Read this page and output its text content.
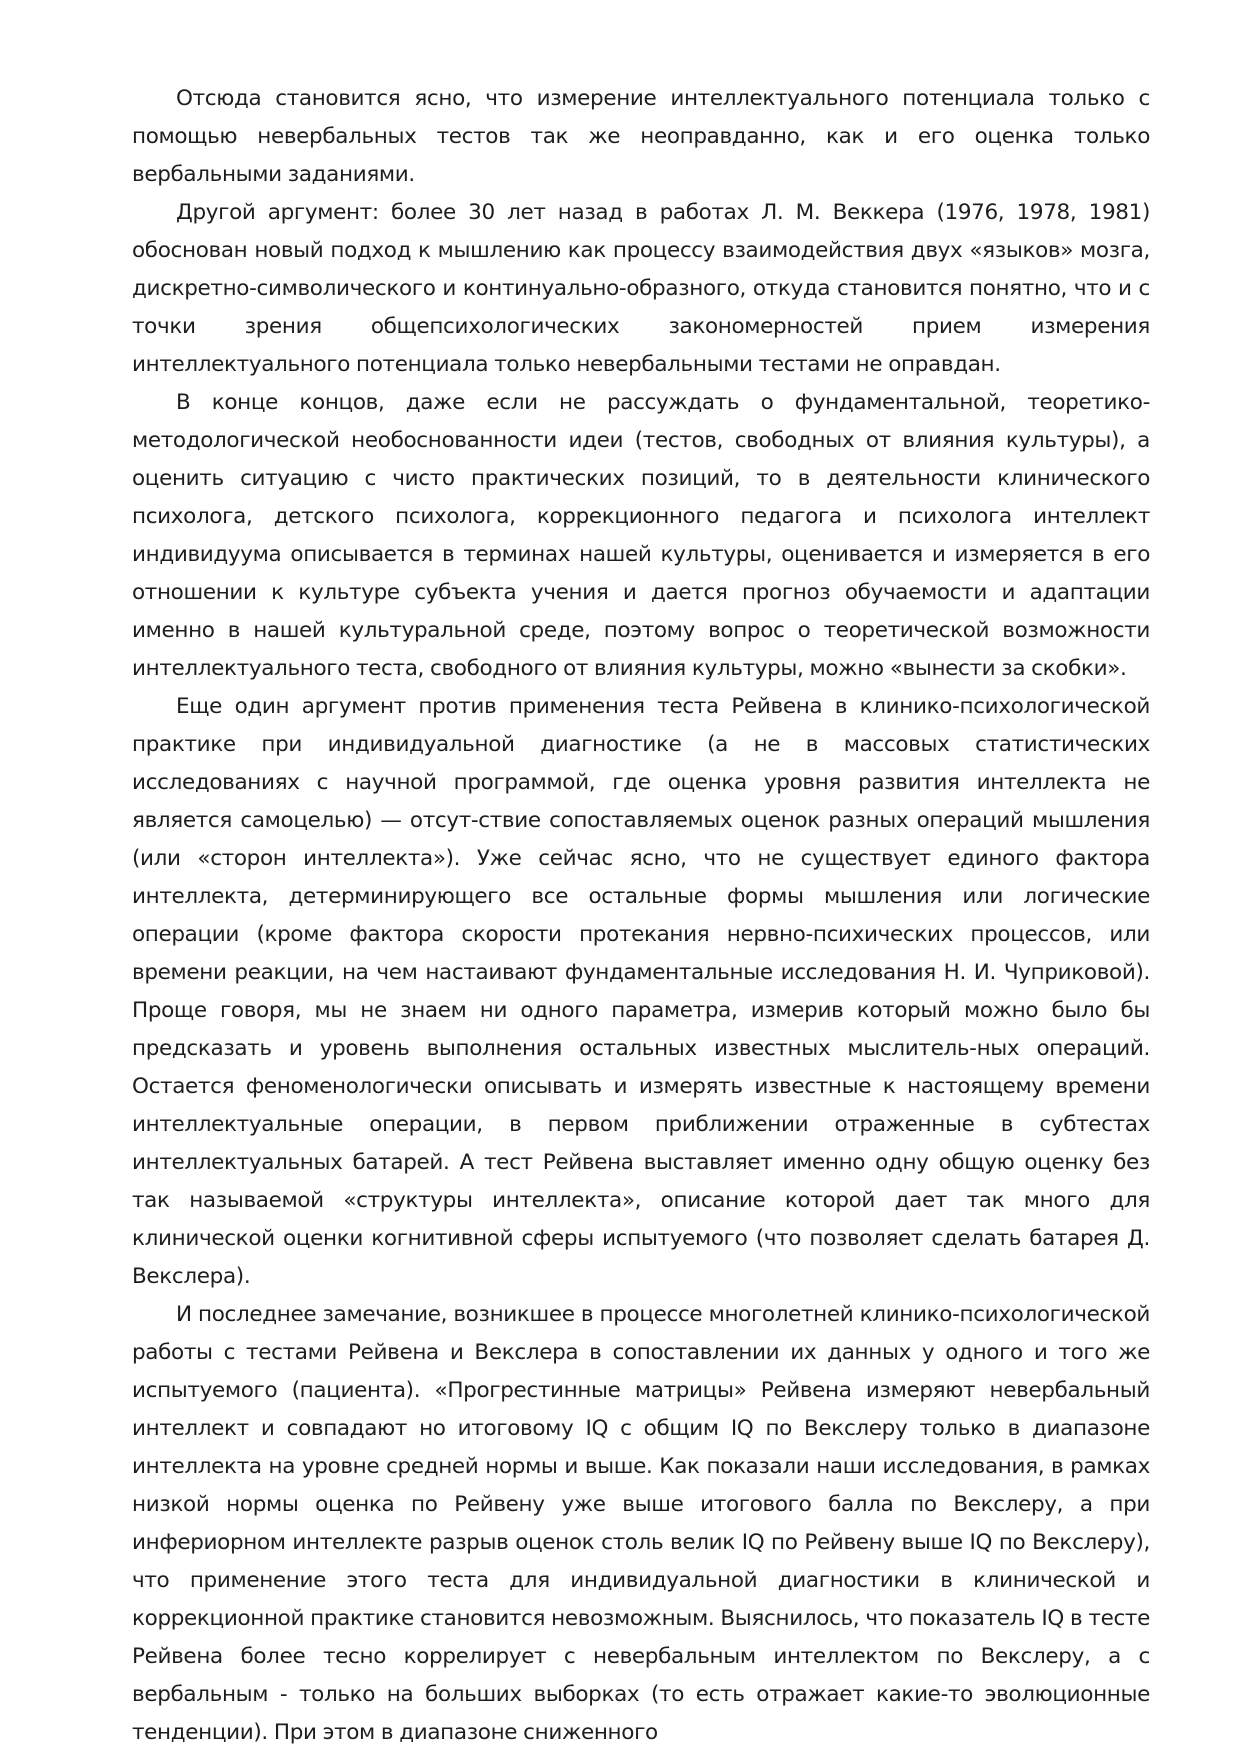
Отсюда становится ясно, что измерение интеллектуального потенциала только с помощью невербальных тестов так же неоправданно, как и его оценка только вербальными заданиями.

Другой аргумент: более 30 лет назад в работах Л. М. Веккера (1976, 1978, 1981) обоснован новый подход к мышлению как процессу взаимодействия двух «языков» мозга, дискретно-символического и континуально-образного, откуда становится понятно, что и с точки зрения общепсихологических закономерностей прием измерения интеллектуального потенциала только невербальными тестами не оправдан.

В конце концов, даже если не рассуждать о фундаментальной, теоретико-методологической необоснованности идеи (тестов, свободных от влияния культуры), а оценить ситуацию с чисто практических позиций, то в деятельности клинического психолога, детского психолога, коррекционного педагога и психолога интеллект индивидуума описывается в терминах нашей культуры, оценивается и измеряется в его отношении к культуре субъекта учения и дается прогноз обучаемости и адаптации именно в нашей культуральной среде, поэтому вопрос о теоретической возможности интеллектуального теста, свободного от влияния культуры, можно «вынести за скобки».

Еще один аргумент против применения теста Рейвена в клинико-психологической практике при индивидуальной диагностике (а не в массовых статистических исследованиях с научной программой, где оценка уровня развития интеллекта не является самоцелью) — отсут-ствие сопоставляемых оценок разных операций мышления (или «сторон интеллекта»). Уже сейчас ясно, что не существует единого фактора интеллекта, детерминирующего все остальные формы мышления или логические операции (кроме фактора скорости протекания нервно-психических процессов, или времени реакции, на чем настаивают фундаментальные исследования Н. И. Чуприковой). Проще говоря, мы не знаем ни одного параметра, измерив который можно было бы предсказать и уровень выполнения остальных известных мыслитель-ных операций. Остается феноменологически описывать и измерять известные к настоящему времени интеллектуальные операции, в первом приближении отраженные в субтестах интеллектуальных батарей. А тест Рейвена выставляет именно одну общую оценку без так называемой «структуры интеллекта», описание которой дает так много для клинической оценки когнитивной сферы испытуемого (что позволяет сделать батарея Д. Векслера).

И последнее замечание, возникшее в процессе многолетней клинико-психологической работы с тестами Рейвена и Векслера в сопоставлении их данных у одного и того же испытуемого (пациента). «Прогрестинные матрицы» Рейвена измеряют невербальный интеллект и совпадают но итоговому IQ с общим IQ по Векслеру только в диапазоне интеллекта на уровне средней нормы и выше. Как показали наши исследования, в рамках низкой нормы оценка по Рейвену уже выше итогового балла по Векслеру, а при инфериорном интеллекте разрыв оценок столь велик IQ по Рейвену выше IQ по Векслеру), что применение этого теста для индивидуальной диагностики в клинической и коррекционной практике становится невозможным. Выяснилось, что показатель IQ в тесте Рейвена более тесно коррелирует с невербальным интеллектом по Векслеру, а с вербальным - только на больших выборках (то есть отражает какие-то эволюционные тенденции). При этом в диапазоне сниженного
